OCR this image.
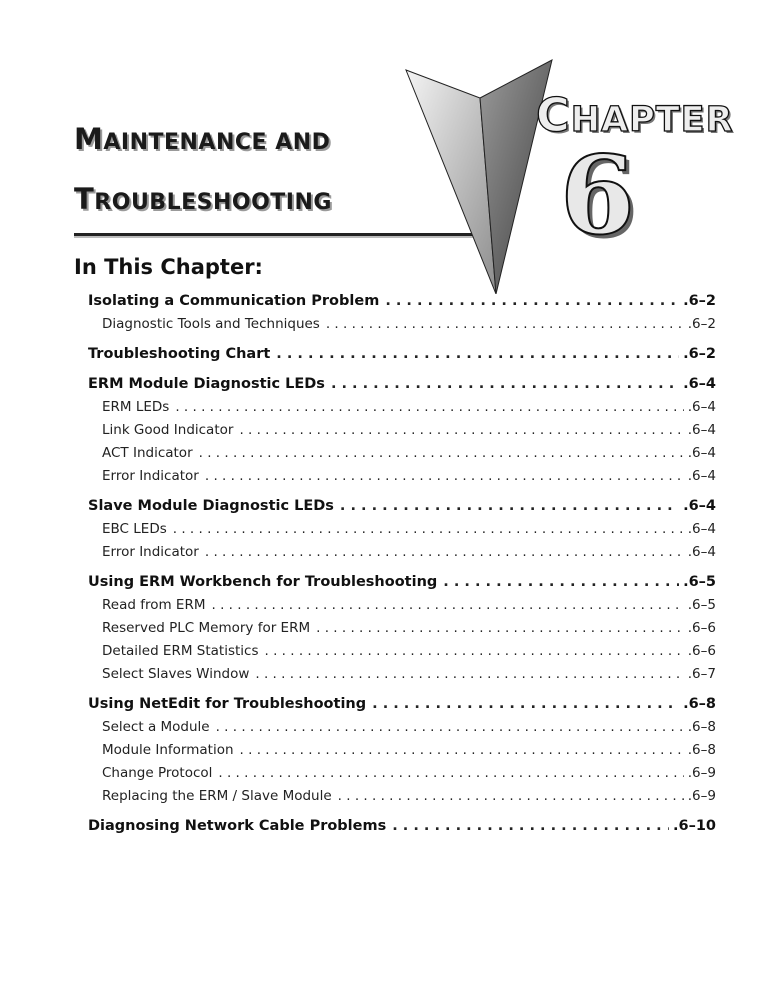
MAINTENANCE AND
TROUBLESHOOTING
CHAPTER
6
In This Chapter:
Isolating a Communication Problem . . .	.6–2
Diagnostic Tools and Techniques . . .	.6–2
Troubleshooting Chart . . .	.6–2
ERM Module Diagnostic LEDs . . .	.6–4
ERM LEDs . . .	.6–4
Link Good Indicator . . .	.6–4
ACT Indicator . . .	.6–4
Error Indicator . . .	.6–4
Slave Module Diagnostic LEDs . . .	.6–4
EBC LEDs . . .	.6–4
Error Indicator . . .	.6–4
Using ERM Workbench for Troubleshooting . . .	.6–5
Read from ERM . . .	.6–5
Reserved PLC Memory for ERM . . .	.6–6
Detailed ERM Statistics . . .	.6–6
Select Slaves Window . . .	.6–7
Using NetEdit for Troubleshooting . . .	.6–8
Select a Module . . .	.6–8
Module Information . . .	.6–8
Change Protocol . . .	.6–9
Replacing the ERM / Slave Module . . .	.6–9
Diagnosing Network Cable Problems . . .	.6–10
